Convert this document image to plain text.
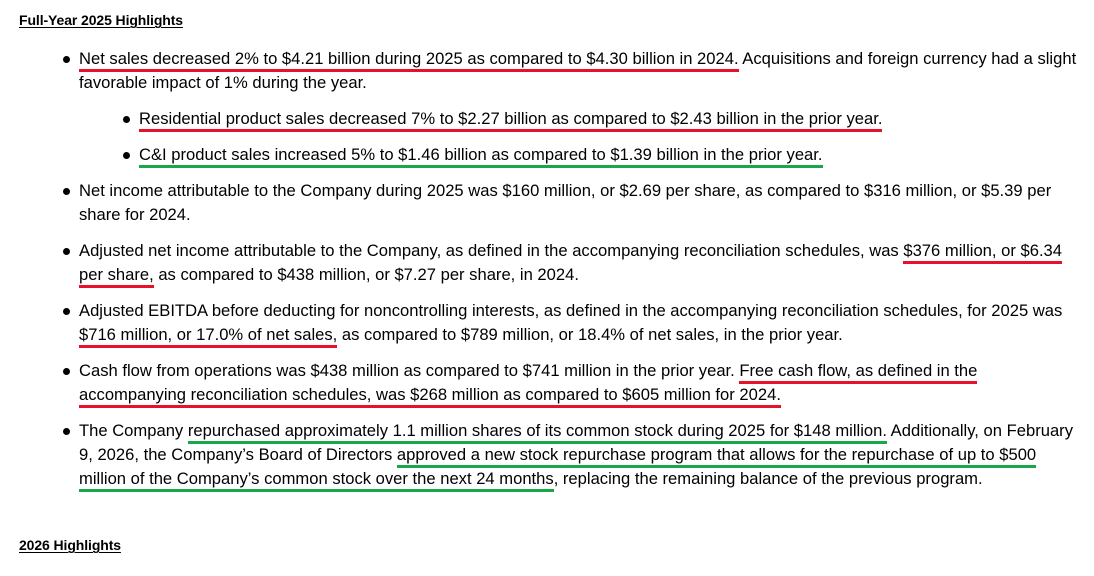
Full-Year 2025 Highlights
Net sales decreased 2% to $4.21 billion during 2025 as compared to $4.30 billion in 2024. Acquisitions and foreign currency had a slight favorable impact of 1% during the year.
Residential product sales decreased 7% to $2.27 billion as compared to $2.43 billion in the prior year.
C&I product sales increased 5% to $1.46 billion as compared to $1.39 billion in the prior year.
Net income attributable to the Company during 2025 was $160 million, or $2.69 per share, as compared to $316 million, or $5.39 per share for 2024.
Adjusted net income attributable to the Company, as defined in the accompanying reconciliation schedules, was $376 million, or $6.34 per share, as compared to $438 million, or $7.27 per share, in 2024.
Adjusted EBITDA before deducting for noncontrolling interests, as defined in the accompanying reconciliation schedules, for 2025 was $716 million, or 17.0% of net sales, as compared to $789 million, or 18.4% of net sales, in the prior year.
Cash flow from operations was $438 million as compared to $741 million in the prior year. Free cash flow, as defined in the accompanying reconciliation schedules, was $268 million as compared to $605 million for 2024.
The Company repurchased approximately 1.1 million shares of its common stock during 2025 for $148 million. Additionally, on February 9, 2026, the Company’s Board of Directors approved a new stock repurchase program that allows for the repurchase of up to $500 million of the Company’s common stock over the next 24 months, replacing the remaining balance of the previous program.
2026 Highlights
